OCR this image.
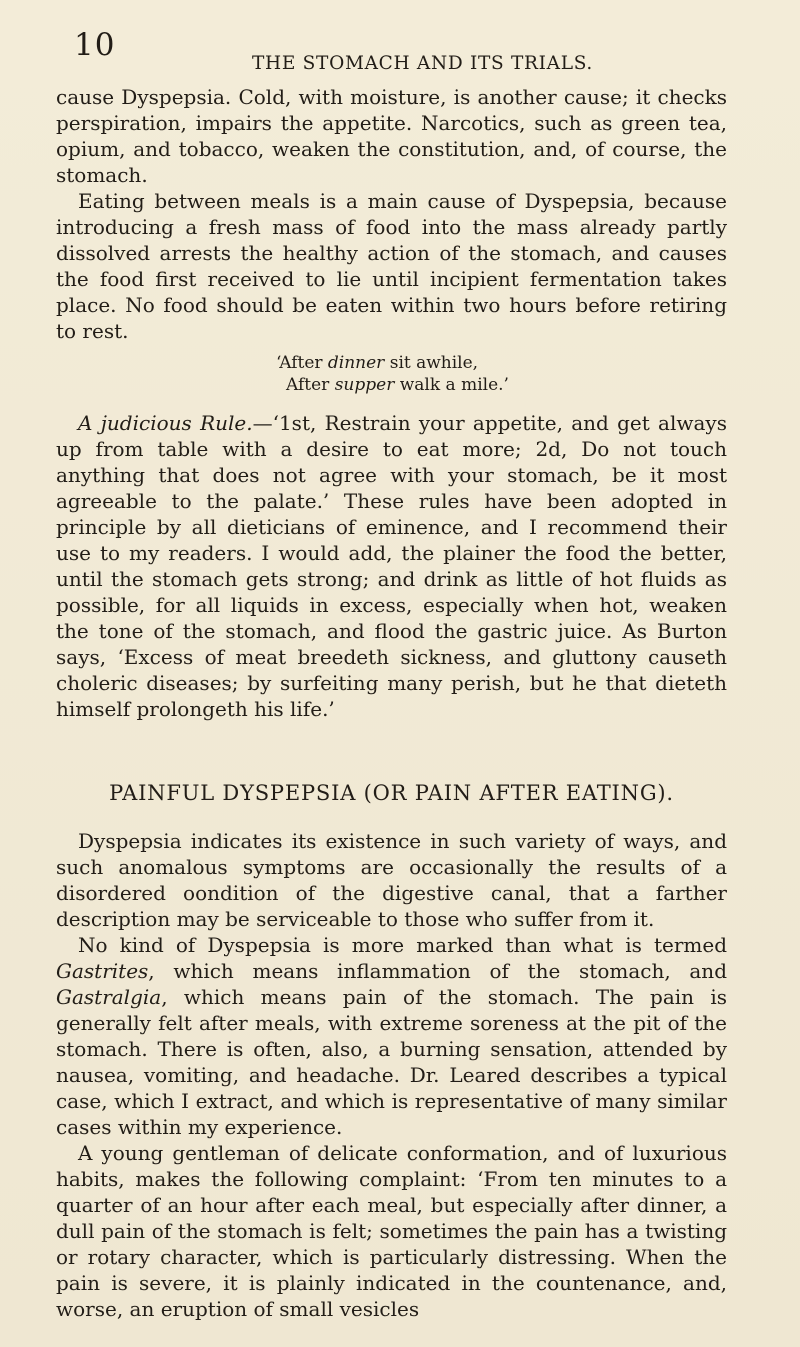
10
THE STOMACH AND ITS TRIALS.

cause Dyspepsia. Cold, with moisture, is another cause; it checks perspiration, impairs the appetite. Narcotics, such as green tea, opium, and tobacco, weaken the constitution, and, of course, the stomach.

Eating between meals is a main cause of Dyspepsia, because introducing a fresh mass of food into the mass already partly dissolved arrests the healthy action of the stomach, and causes the food first received to lie until incipient fermentation takes place. No food should be eaten within two hours before retiring to rest.

‘After dinner sit awhile,
After supper walk a mile.’

A judicious Rule.—‘1st, Restrain your appetite, and get always up from table with a desire to eat more; 2d, Do not touch anything that does not agree with your stomach, be it most agreeable to the palate.’ These rules have been adopted in principle by all dieticians of eminence, and I recommend their use to my readers. I would add, the plainer the food the better, until the stomach gets strong; and drink as little of hot fluids as possible, for all liquids in excess, especially when hot, weaken the tone of the stomach, and flood the gastric juice. As Burton says, ‘Excess of meat breedeth sickness, and gluttony causeth choleric diseases; by surfeiting many perish, but he that dieteth himself prolongeth his life.’

PAINFUL DYSPEPSIA (OR PAIN AFTER EATING).

Dyspepsia indicates its existence in such variety of ways, and such anomalous symptoms are occasionally the results of a disordered oondition of the digestive canal, that a farther description may be serviceable to those who suffer from it.

No kind of Dyspepsia is more marked than what is termed Gastrites, which means inflammation of the stomach, and Gastralgia, which means pain of the stomach. The pain is generally felt after meals, with extreme soreness at the pit of the stomach. There is often, also, a burning sensation, attended by nausea, vomiting, and headache. Dr. Leared describes a typical case, which I extract, and which is representative of many similar cases within my experience.

A young gentleman of delicate conformation, and of luxurious habits, makes the following complaint: ‘From ten minutes to a quarter of an hour after each meal, but especially after dinner, a dull pain of the stomach is felt; sometimes the pain has a twisting or rotary character, which is particularly distressing. When the pain is severe, it is plainly indicated in the countenance, and, worse, an eruption of small vesicles
